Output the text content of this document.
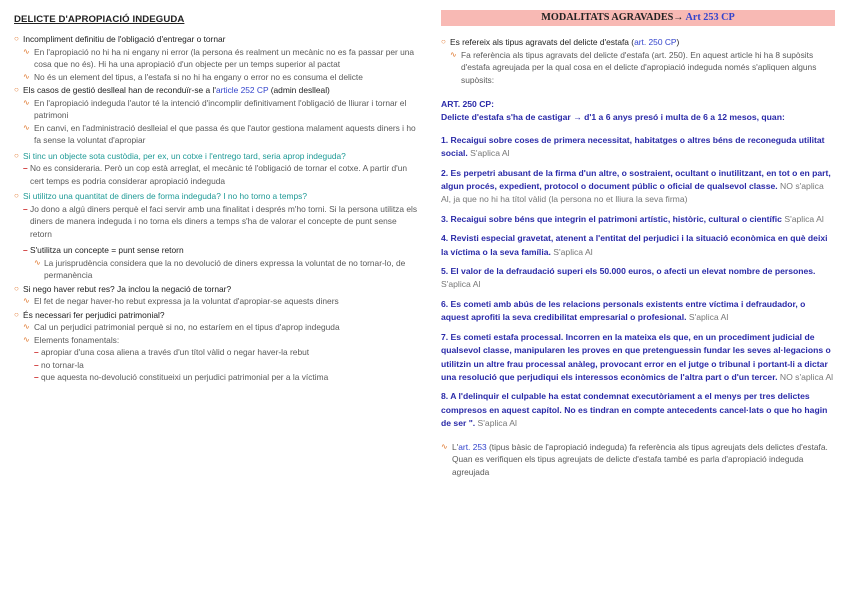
DELICTE D'APROPIACIÓ INDEGUDA
○ Incompliment definitiu de l'obligació d'entregar o tornar
∿ En l'apropiació no hi ha ni engany ni error (la persona és realment un mecànic no es fa passar per una cosa que no és). Hi ha una apropiació d'un objecte per un temps superior al pactat
∿ No és un element del tipus, a l'estafa si no hi ha engany o error no es consuma el delicte
○ Els casos de gestió deslleal han de reconduïr-se a l'article 252 CP (admin deslleal)
∿ En l'apropiació indeguda l'autor té la intenció d'incomplir definitivament l'obligació de lliurar i tornar el patrimoni
∿ En canvi, en l'administració deslleial el que passa és que l'autor gestiona malament aquests diners i ho fa sense la voluntat d'apropiar
○ Si tinc un objecte sota custòdia, per ex, un cotxe i l'entrego tard, seria aprop indeguda?
– No es consideraria. Però un cop està arreglat, el mecànic té l'obligació de tornar el cotxe. A partir d'un cert temps es podria considerar apropiació indeguda
○ Si utilitzo una quantitat de diners de forma indeguda? I no ho torno a temps?
– Jo dono a algú diners perquè el faci servir amb una finalitat i després m'ho torni. Si la persona utilitza els diners de manera indeguda i no torna els diners a temps s'ha de valorar el concepte de punt sense retorn
– S'utilitza un concepte = punt sense retorn
∿ La jurisprudència considera que la no devolució de diners expressa la voluntat de no tornar-lo, de permanència
○ Si nego haver rebut res? Ja inclou la negació de tornar?
∿ El fet de negar haver-ho rebut expressa ja la voluntat d'apropiar-se aquests diners
○ És necessari fer perjudici patrimonial?
∿ Cal un perjudici patrimonial perquè si no, no estaríem en el tipus d'aprop indeguda
∿ Elements fonamentals:
– apropiar d'una cosa aliena a través d'un títol vàlid o negar haver-la rebut
– no tornar-la
– que aquesta no-devolució constitueixi un perjudici patrimonial per a la víctima
MODALITATS AGRAVADES→ Art 253 CP
○ Es refereix als tipus agravats del delicte d'estafa (art. 250 CP)
∿ Fa referència als tipus agravats del delicte d'estafa (art. 250). En aquest article hi ha 8 supòsits d'estafa agreujada per la qual cosa en el delicte d'apropiació indeguda només s'apliquen alguns supòsits:
ART. 250 CP:
Delicte d'estafa s'ha de castigar → d'1 a 6 anys presó i multa de 6 a 12 mesos, quan:
1. Recaigui sobre coses de primera necessitat, habitatges o altres béns de reconeguda utilitat social. S'aplica Al
2. Es perpetri abusant de la firma d'un altre, o sostraient, ocultant o inutilitzant, en tot o en part, algun procés, expedient, protocol o document públic o oficial de qualsevol classe. NO s'aplica Al, ja que no hi ha títol vàlid (la persona no et lliura la seva firma)
3. Recaigui sobre béns que integrin el patrimoni artístic, històric, cultural o científic S'aplica Al
4. Revisti especial gravetat, atenent a l'entitat del perjudici i la situació econòmica en què deixi la víctima o la seva família. S'aplica Al
5. El valor de la defraudació superi els 50.000 euros, o afecti un elevat nombre de persones. S'aplica Al
6. Es cometi amb abús de les relacions personals existents entre víctima i defraudador, o aquest aprofiti la seva credibilitat empresarial o profesional. S'aplica Al
7. Es cometi estafa processal. Incorren en la mateixa els que, en un procediment judicial de qualsevol classe, manipularen les proves en que pretenguessin fundar les seves al·legacions o utilitzin un altre frau processal anàleg, provocant error en el jutge o tribunal i portant-li a dictar una resolució que perjudiqui els interessos econòmics de l'altra part o d'un tercer. NO s'aplica Al
8. A l'delinquir el culpable ha estat condemnat executòriament a el menys per tres delictes compresos en aquest capítol. No es tindran en compte antecedents cancel·lats o que ho hagin de ser ". S'aplica Al
∿ L'art. 253 (tipus bàsic de l'apropiació indeguda) fa referència als tipus agreujats dels delictes d'estafa. Quan es verifiquen els tipus agreujats de delicte d'estafa també es parla d'apropiació indeguda agreujada
